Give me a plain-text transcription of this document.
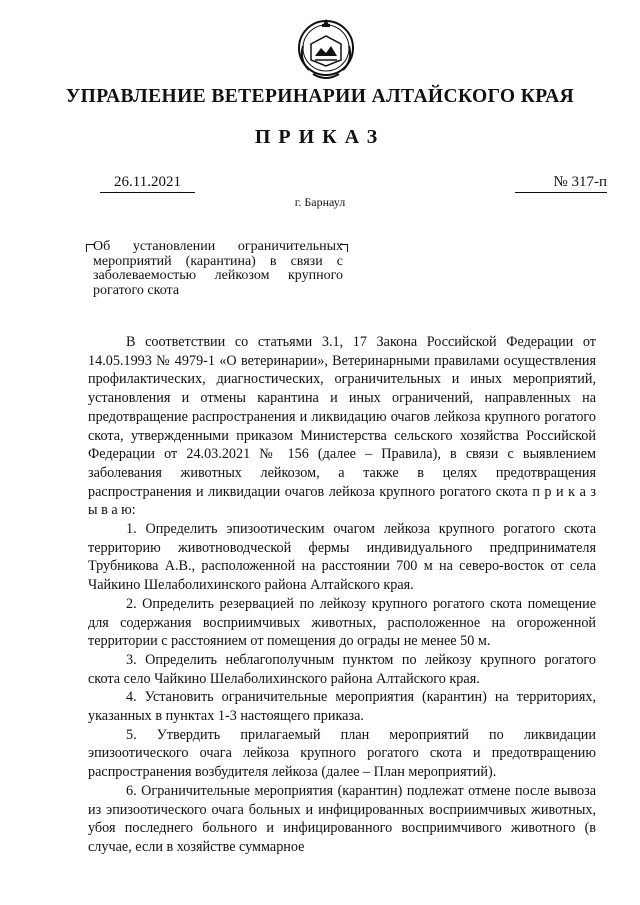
УПРАВЛЕНИЕ ВЕТЕРИНАРИИ АЛТАЙСКОГО КРАЯ
ПРИКАЗ
26.11.2021	№ 317-п
г. Барнаул
Об установлении ограничительных мероприятий (карантина) в связи с заболеваемостью лейкозом крупного рогатого скота

В соответствии со статьями 3.1, 17 Закона Российской Федерации от 14.05.1993 № 4979-1 «О ветеринарии», Ветеринарными правилами осуществления профилактических, диагностических, ограничительных и иных мероприятий, установления и отмены карантина и иных ограничений, направленных на предотвращение распространения и ликвидацию очагов лейкоза крупного рогатого скота, утвержденными приказом Министерства сельского хозяйства Российской Федерации от 24.03.2021 № 156 (далее – Правила), в связи с выявлением заболевания животных лейкозом, а также в целях предотвращения распространения и ликвидации очагов лейкоза крупного рогатого скота п р и к а з ы в а ю:

1. Определить эпизоотическим очагом лейкоза крупного рогатого скота территорию животноводческой фермы индивидуального предпринимателя Трубникова А.В., расположенной на расстоянии 700 м на северо-восток от села Чайкино Шелаболихинского района Алтайского края.

2. Определить резервацией по лейкозу крупного рогатого скота помещение для содержания восприимчивых животных, расположенное на огороженной территории с расстоянием от помещения до ограды не менее 50 м.

3. Определить неблагополучным пунктом по лейкозу крупного рогатого скота село Чайкино Шелаболихинского района Алтайского края.

4. Установить ограничительные мероприятия (карантин) на территориях, указанных в пунктах 1-3 настоящего приказа.

5. Утвердить прилагаемый план мероприятий по ликвидации эпизоотического очага лейкоза крупного рогатого скота и предотвращению распространения возбудителя лейкоза (далее – План мероприятий).

6. Ограничительные мероприятия (карантин) подлежат отмене после вывоза из эпизоотического очага больных и инфицированных восприимчивых животных, убоя последнего больного и инфицированного восприимчивого животного (в случае, если в хозяйстве суммарное
